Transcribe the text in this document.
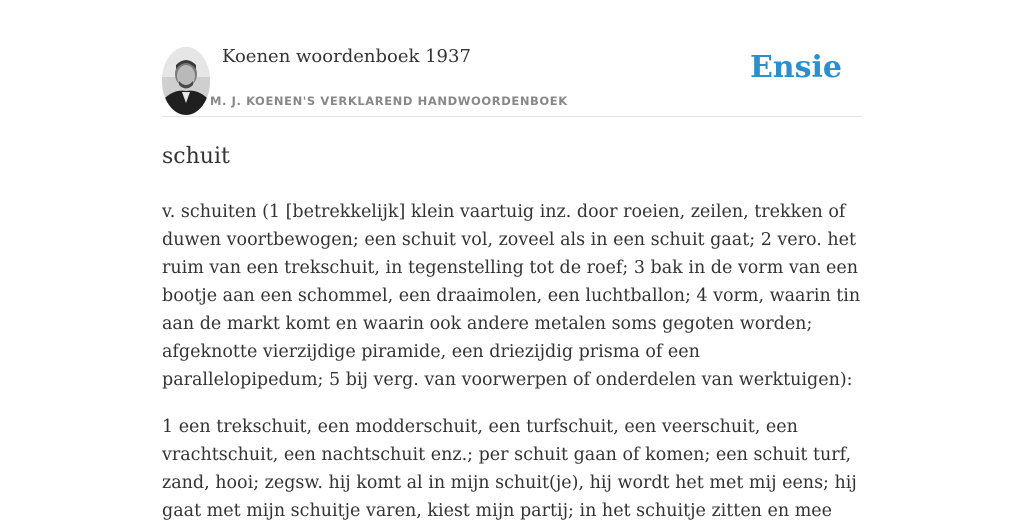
Koenen woordenboek 1937
M. J. KOENEN'S VERKLAREND HANDWOORDENBOEK
Ensie
schuit

v. schuiten (1 [betrekkelijk] klein vaartuig inz. door roeien, zeilen, trekken of duwen voortbewogen; een schuit vol, zoveel als in een schuit gaat; 2 vero. het ruim van een trekschuit, in tegenstelling tot de roef; 3 bak in de vorm van een bootje aan een schommel, een draaimolen, een luchtballon; 4 vorm, waarin tin aan de markt komt en waarin ook andere metalen soms gegoten worden; afgeknotte vierzijdige piramide, een driezijdig prisma of een parallelopipedum; 5 bij verg. van voorwerpen of onderdelen van werktuigen):

1 een trekschuit, een modderschuit, een turfschuit, een veerschuit, een vrachtschuit, een nachtschuit enz.; per schuit gaan of komen; een schuit turf, zand, hooi; zegsw. hij komt al in mijn schuit(je), hij wordt het met mij eens; hij gaat met mijn schuitje varen, kiest mijn partij; in het schuitje zitten en mee
